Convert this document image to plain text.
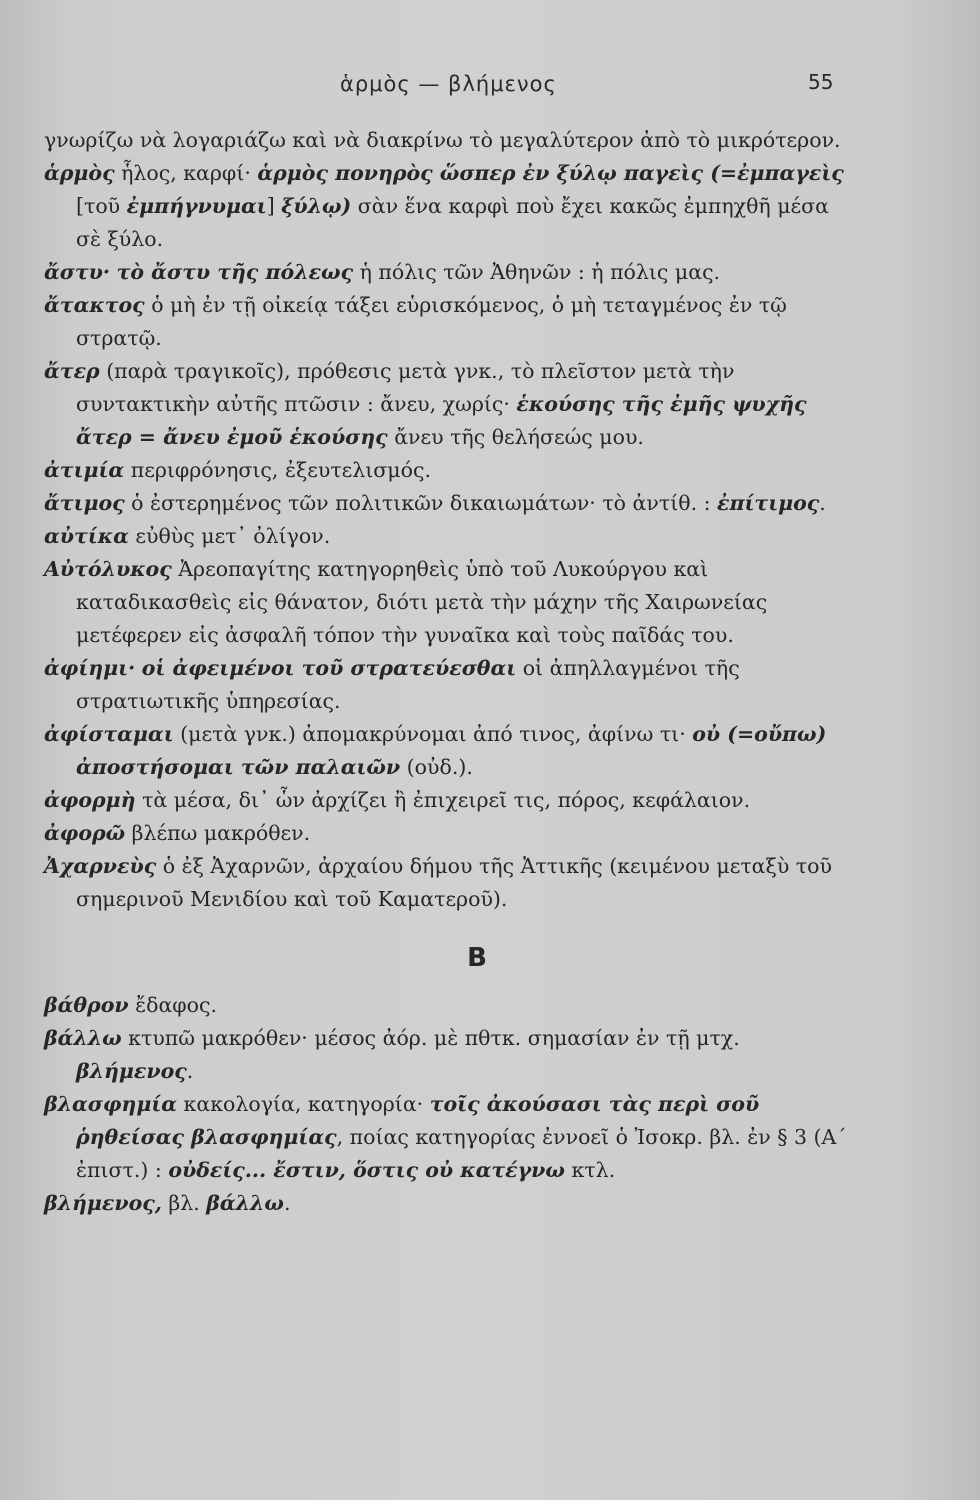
ἁρμὸς — βλήμενος	55

γνωρίζω νὰ λογαριάζω καὶ νὰ διακρίνω τὸ μεγαλύτερον ἀπὸ τὸ μικρότερον.

ἁρμὸς ἧλος, καρφί· ἁρμὸς πονηρὸς ὥσπερ ἐν ξύλῳ παγεὶς (=ἐμπαγεὶς [τοῦ ἐμπήγνυμαι] ξύλῳ) σὰν ἕνα καρφὶ ποὺ ἔχει κακῶς ἐμπηχθῆ μέσα σὲ ξύλο.

ἄστυ· τὸ ἄστυ τῆς πόλεως ἡ πόλις τῶν Ἀθηνῶν : ἡ πόλις μας.

ἄτακτος ὁ μὴ ἐν τῇ οἰκείᾳ τάξει εὑρισκόμενος, ὁ μὴ τεταγμένος ἐν τῷ στρατῷ.

ἄτερ (παρὰ τραγικοῖς), πρόθεσις μετὰ γνκ., τὸ πλεῖστον μετὰ τὴν συντακτικὴν αὐτῆς πτῶσιν : ἄνευ, χωρίς· ἑκούσης τῆς ἐμῆς ψυχῆς ἄτερ = ἄνευ ἐμοῦ ἑκούσης ἄνευ τῆς θελήσεώς μου.

ἀτιμία περιφρόνησις, ἐξευτελισμός.

ἄτιμος ὁ ἐστερημένος τῶν πολιτικῶν δικαιωμάτων· τὸ ἀντίθ. : ἐπίτιμος.

αὐτίκα εὐθὺς μετ᾽ ὀλίγον.

Αὐτόλυκος Ἀρεοπαγίτης κατηγορηθεὶς ὑπὸ τοῦ Λυκούργου καὶ καταδικασθεὶς εἰς θάνατον, διότι μετὰ τὴν μάχην τῆς Χαιρωνείας μετέφερεν εἰς ἀσφαλῆ τόπον τὴν γυναῖκα καὶ τοὺς παῖδάς του.

ἀφίημι· οἱ ἀφειμένοι τοῦ στρατεύεσθαι οἱ ἀπηλλαγμένοι τῆς στρατιωτικῆς ὑπηρεσίας.

ἀφίσταμαι (μετὰ γνκ.) ἀπομακρύνομαι ἀπό τινος, ἀφίνω τι· οὐ (=οὔπω) ἀποστήσομαι τῶν παλαιῶν (οὐδ.).

ἀφορμὴ τὰ μέσα, δι᾽ ὧν ἀρχίζει ἢ ἐπιχειρεῖ τις, πόρος, κεφάλαιον.

ἀφορῶ βλέπω μακρόθεν.

Ἀχαρνεὺς ὁ ἐξ Ἀχαρνῶν, ἀρχαίου δήμου τῆς Ἀττικῆς (κειμένου μεταξὺ τοῦ σημερινοῦ Μενιδίου καὶ τοῦ Καματεροῦ).

B

βάθρον ἔδαφος.

βάλλω κτυπῶ μακρόθεν· μέσος ἀόρ. μὲ πθτκ. σημασίαν ἐν τῇ μτχ. βλήμενος.

βλασφημία κακολογία, κατηγορία· τοῖς ἀκούσασι τὰς περὶ σοῦ ῥηθείσας βλασφημίας, ποίας κατηγορίας ἐννοεῖ ὁ Ἰσοκρ. βλ. ἐν § 3 (Α΄ ἐπιστ.) : οὐδείς... ἔστιν, ὅστις οὐ κατέγνω κτλ.

βλήμενος, βλ. βάλλω.
